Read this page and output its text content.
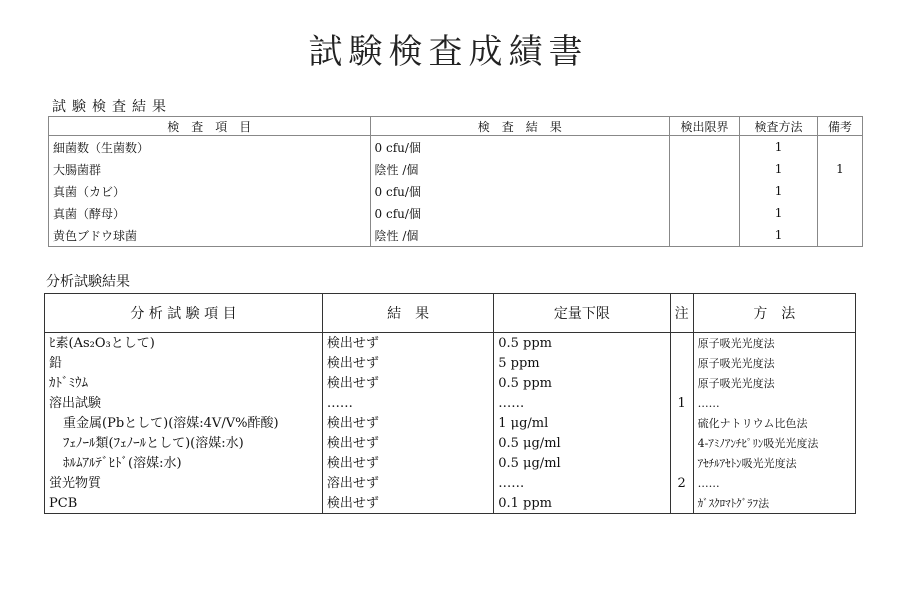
試験検査成績書
試験検査結果
検　査　項　目	検　査　結　果	検出限界	検査方法	備考
細菌数（生菌数）	0 cfu/個		1	
大腸菌群	陰性 /個		1	1
真菌（カビ）	0 cfu/個		1	
真菌（酵母）	0 cfu/個		1	
黄色ブドウ球菌	陰性 /個		1	
分析試験結果
分 析 試 験 項 目	結　果	定量下限	注	方　法
ﾋ素(As₂O₃として)	検出せず	0.5 ppm		原子吸光光度法
鉛	検出せず	5 ppm		原子吸光光度法
ｶﾄﾞﾐｳﾑ	検出せず	0.5 ppm		原子吸光光度法
溶出試験	……	……	1	……
重金属(Pbとして)(溶媒:4V/V%酢酸)	検出せず	1 μg/ml		硫化ナトリウム比色法
ﾌｪﾉｰﾙ類(ﾌｪﾉｰﾙとして)(溶媒:水)	検出せず	0.5 μg/ml		4-ｱﾐﾉｱﾝﾁﾋﾟﾘﾝ吸光光度法
ﾎﾙﾑｱﾙﾃﾞﾋﾄﾞ(溶媒:水)	検出せず	0.5 μg/ml		ｱｾﾁﾙｱｾﾄﾝ吸光光度法
蛍光物質	溶出せず	……	2	……
PCB	検出せず	0.1 ppm		ｶﾞｽｸﾛﾏﾄｸﾞﾗﾌ法
